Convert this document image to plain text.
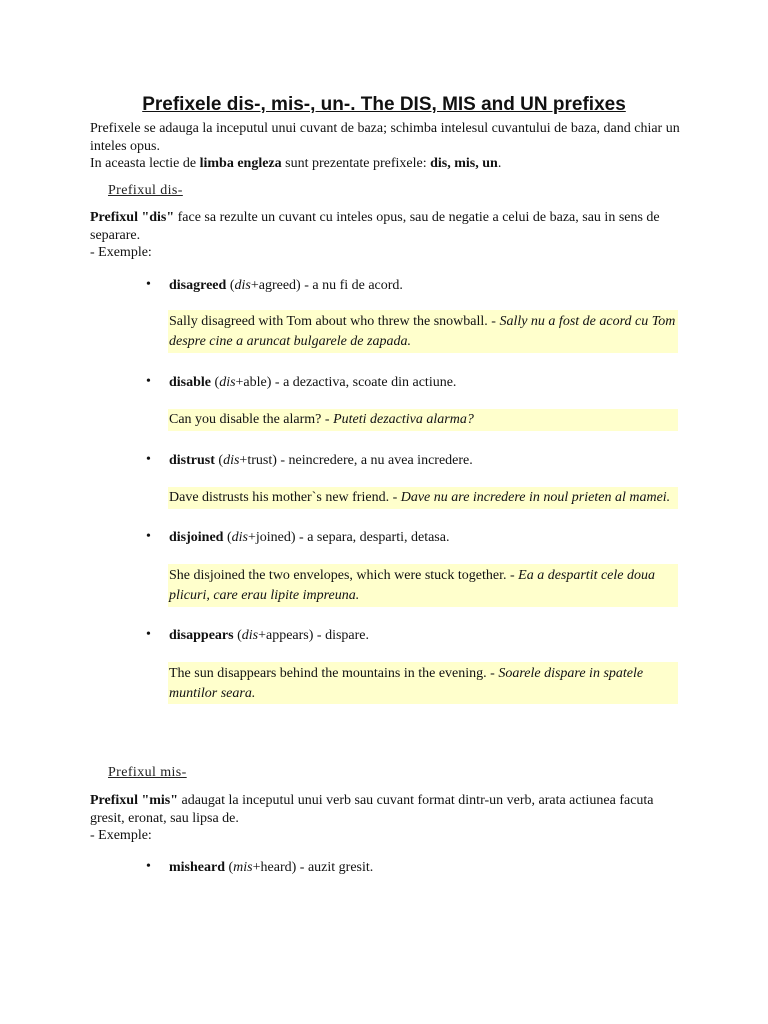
Prefixele dis-, mis-, un-. The DIS, MIS and UN prefixes
Prefixele se adauga la inceputul unui cuvant de baza; schimba intelesul cuvantului de baza, dand chiar un inteles opus.
In aceasta lectie de limba engleza sunt prezentate prefixele: dis, mis, un.
Prefixul dis-
Prefixul "dis" face sa rezulte un cuvant cu inteles opus, sau de negatie a celui de baza, sau in sens de separare.
- Exemple:
• disagreed (dis+agreed) - a nu fi de acord.
Sally disagreed with Tom about who threw the snowball. - Sally nu a fost de acord cu Tom despre cine a aruncat bulgarele de zapada.
• disable (dis+able) - a dezactiva, scoate din actiune.
Can you disable the alarm? - Puteti dezactiva alarma?
• distrust (dis+trust) - neincredere, a nu avea incredere.
Dave distrusts his mother`s new friend. - Dave nu are incredere in noul prieten al mamei.
• disjoined (dis+joined) - a separa, desparti, detasa.
She disjoined the two envelopes, which were stuck together. - Ea a despartit cele doua plicuri, care erau lipite impreuna.
• disappears (dis+appears) - dispare.
The sun disappears behind the mountains in the evening. - Soarele dispare in spatele muntilor seara.
Prefixul mis-
Prefixul "mis" adaugat la inceputul unui verb sau cuvant format dintr-un verb, arata actiunea facuta gresit, eronat, sau lipsa de.
- Exemple:
• misheard (mis+heard) - auzit gresit.
